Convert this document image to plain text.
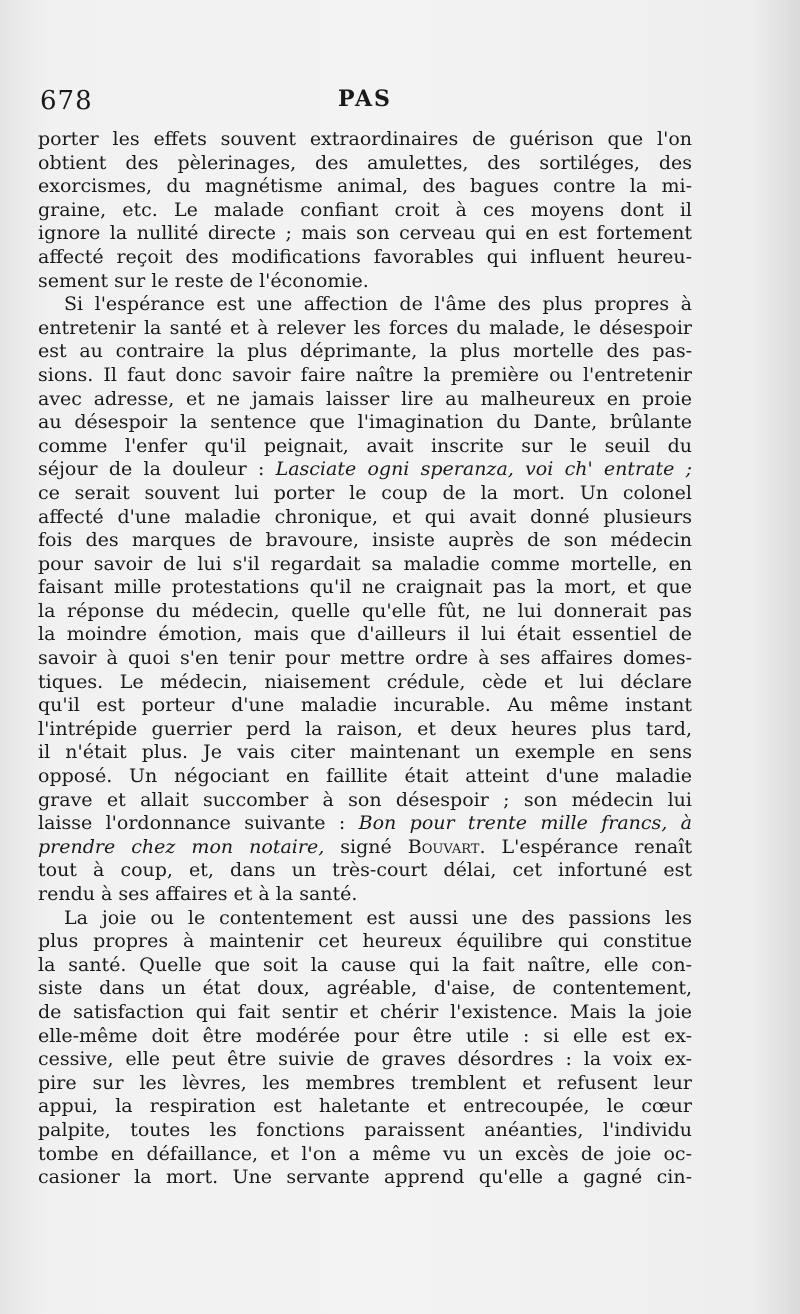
678	PAS
porter les effets souvent extraordinaires de guérison que l'on
obtient des pèlerinages, des amulettes, des sortiléges, des
exorcismes, du magnétisme animal, des bagues contre la mi-
graine, etc. Le malade confiant croit à ces moyens dont il
ignore la nullité directe ; mais son cerveau qui en est fortement
affecté reçoit des modifications favorables qui influent heureu-
sement sur le reste de l'économie.
Si l'espérance est une affection de l'âme des plus propres à
entretenir la santé et à relever les forces du malade, le désespoir
est au contraire la plus déprimante, la plus mortelle des pas-
sions. Il faut donc savoir faire naître la première ou l'entretenir
avec adresse, et ne jamais laisser lire au malheureux en proie
au désespoir la sentence que l'imagination du Dante, brûlante
comme l'enfer qu'il peignait, avait inscrite sur le seuil du
séjour de la douleur : Lasciate ogni speranza, voi ch' entrate ;
ce serait souvent lui porter le coup de la mort. Un colonel
affecté d'une maladie chronique, et qui avait donné plusieurs
fois des marques de bravoure, insiste auprès de son médecin
pour savoir de lui s'il regardait sa maladie comme mortelle, en
faisant mille protestations qu'il ne craignait pas la mort, et que
la réponse du médecin, quelle qu'elle fût, ne lui donnerait pas
la moindre émotion, mais que d'ailleurs il lui était essentiel de
savoir à quoi s'en tenir pour mettre ordre à ses affaires domes-
tiques. Le médecin, niaisement crédule, cède et lui déclare
qu'il est porteur d'une maladie incurable. Au même instant
l'intrépide guerrier perd la raison, et deux heures plus tard,
il n'était plus. Je vais citer maintenant un exemple en sens
opposé. Un négociant en faillite était atteint d'une maladie
grave et allait succomber à son désespoir ; son médecin lui
laisse l'ordonnance suivante : Bon pour trente mille francs, à
prendre chez mon notaire, signé Bouvart. L'espérance renaît
tout à coup, et, dans un très-court délai, cet infortuné est
rendu à ses affaires et à la santé.
La joie ou le contentement est aussi une des passions les
plus propres à maintenir cet heureux équilibre qui constitue
la santé. Quelle que soit la cause qui la fait naître, elle con-
siste dans un état doux, agréable, d'aise, de contentement,
de satisfaction qui fait sentir et chérir l'existence. Mais la joie
elle-même doit être modérée pour être utile : si elle est ex-
cessive, elle peut être suivie de graves désordres : la voix ex-
pire sur les lèvres, les membres tremblent et refusent leur
appui, la respiration est haletante et entrecoupée, le cœur
palpite, toutes les fonctions paraissent anéanties, l'individu
tombe en défaillance, et l'on a même vu un excès de joie oc-
casioner la mort. Une servante apprend qu'elle a gagné cin-
